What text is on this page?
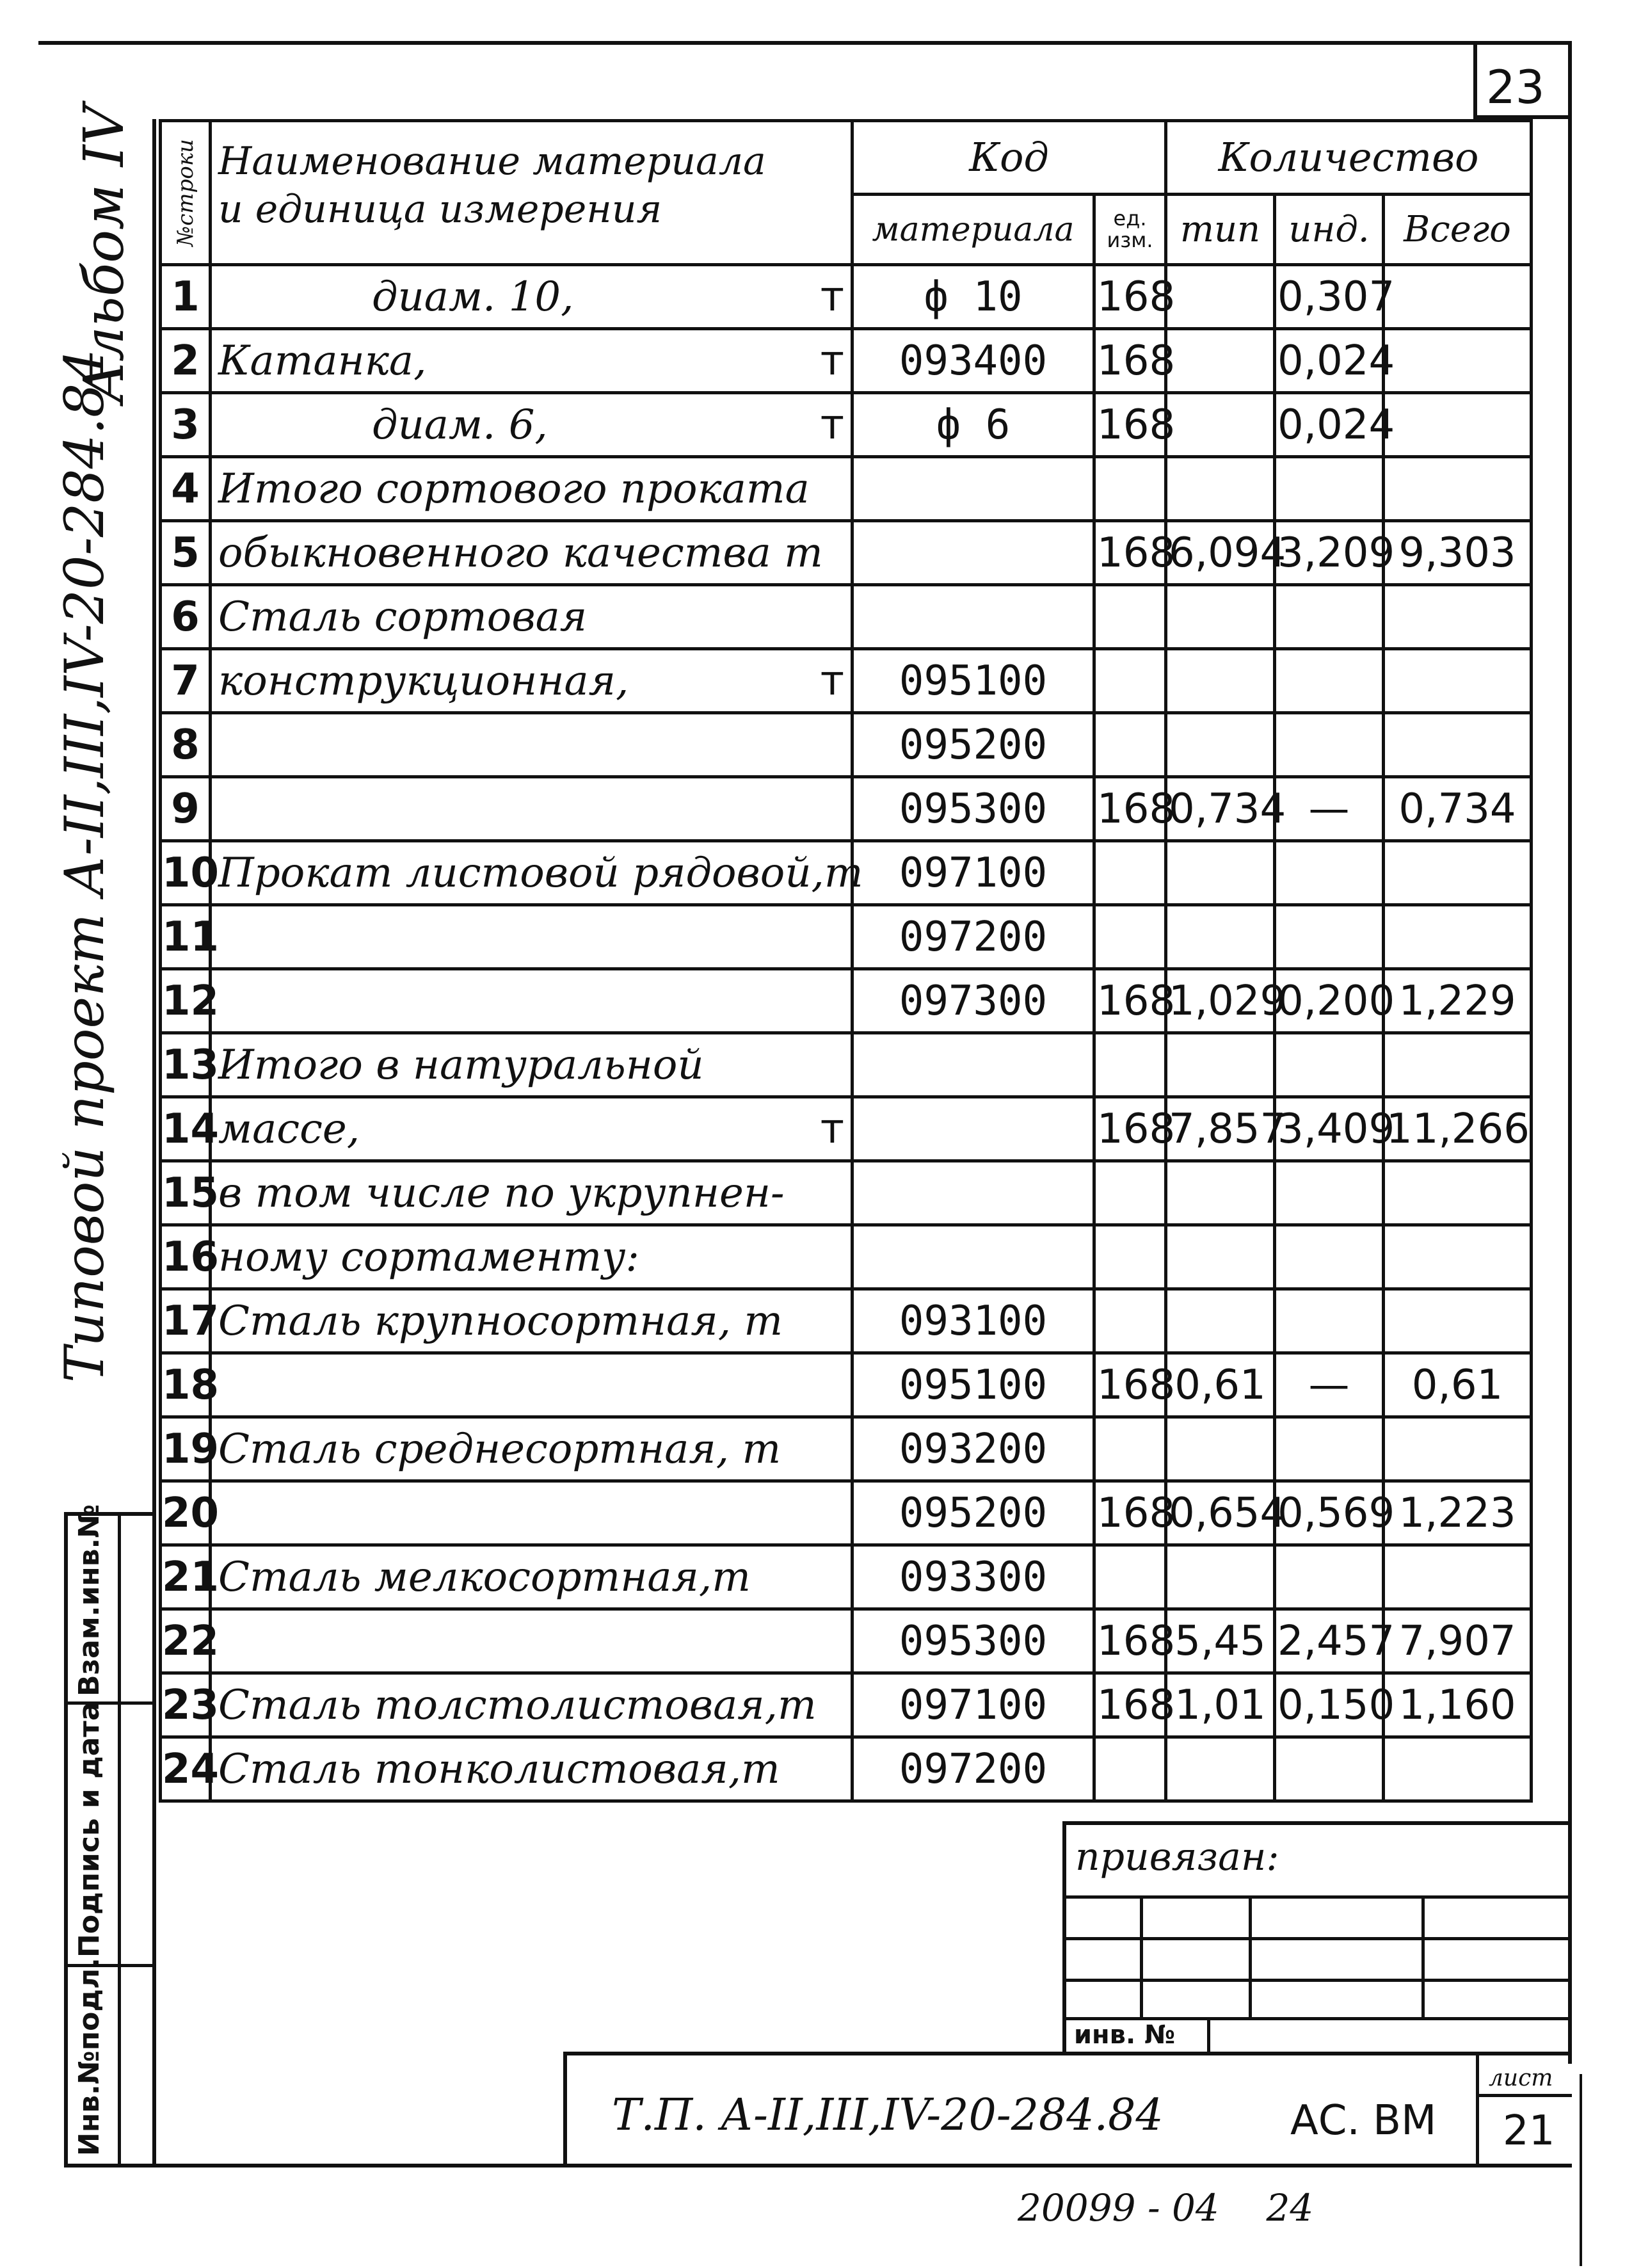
23
Альбом IV
Типовой проект А-II,III,IV-20-284.84
Инв.№подл.
Подпись и дата
Взам.инв.№
№строки	Наименование материала
и единица измерения	Код		Количество		
		материала	ед. изм.	тип	инд.	Всего
1	диам. 10, т	ф 10	168		0,307	
2	Катанка, т	093400	168		0,024	
3	диам. 6, т	ф 6	168		0,024	
4	Итого сортового проката					
5	обыкновенного качества т		168	6,094	3,209	9,303
6	Сталь сортовая					
7	конструкционная, т	095100				
8		095200				
9		095300	168	0,734	—	0,734
10	Прокат листовой рядовой,т	097100				
11		097200				
12		097300	168	1,029	0,200	1,229
13	Итого в натуральной					
14	массе, т		168	7,857	3,409	11,266
15	в том числе по укрупнен-					
16	ному сортаменту:					
17	Сталь крупносортная, т	093100				
18		095100	168	0,61	—	0,61
19	Сталь среднесортная, т	093200				
20		095200	168	0,654	0,569	1,223
21	Сталь мелкосортная,т	093300				
22		095300	168	5,45	2,457	7,907
23	Сталь толстолистовая,т	097100	168	1,01	0,150	1,160
24	Сталь тонколистовая,т	097200				
привязан:
инв. №
Т.П. А-II,III,IV-20-284.84	АС. ВМ
лист
21
20099 - 04    24
